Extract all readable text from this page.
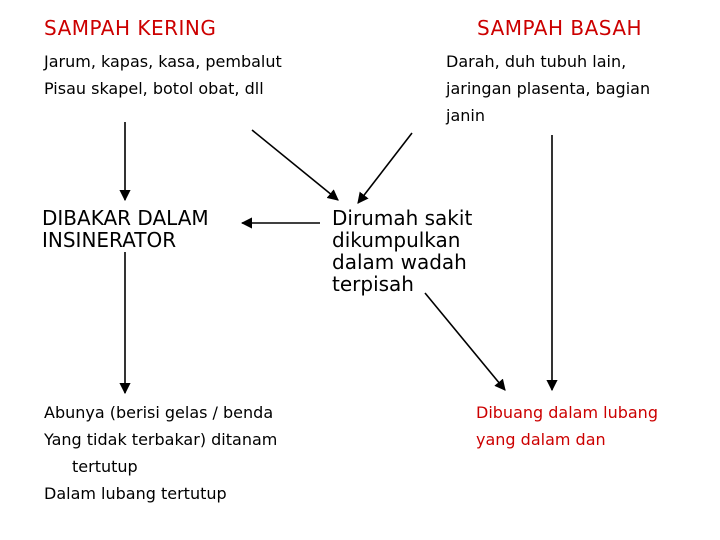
SAMPAH KERING	SAMPAH BASAH
Jarum, kapas, kasa, pembalut
Pisau skapel, botol obat, dll
Darah, duh tubuh lain,
jaringan plasenta, bagian
janin
DIBAKAR DALAM
INSINERATOR
Dirumah sakit
dikumpulkan
dalam wadah
terpisah
Abunya (berisi gelas / benda
Yang tidak terbakar) ditanam
tertutup
Dalam lubang tertutup
Dibuang dalam lubang
yang dalam dan
